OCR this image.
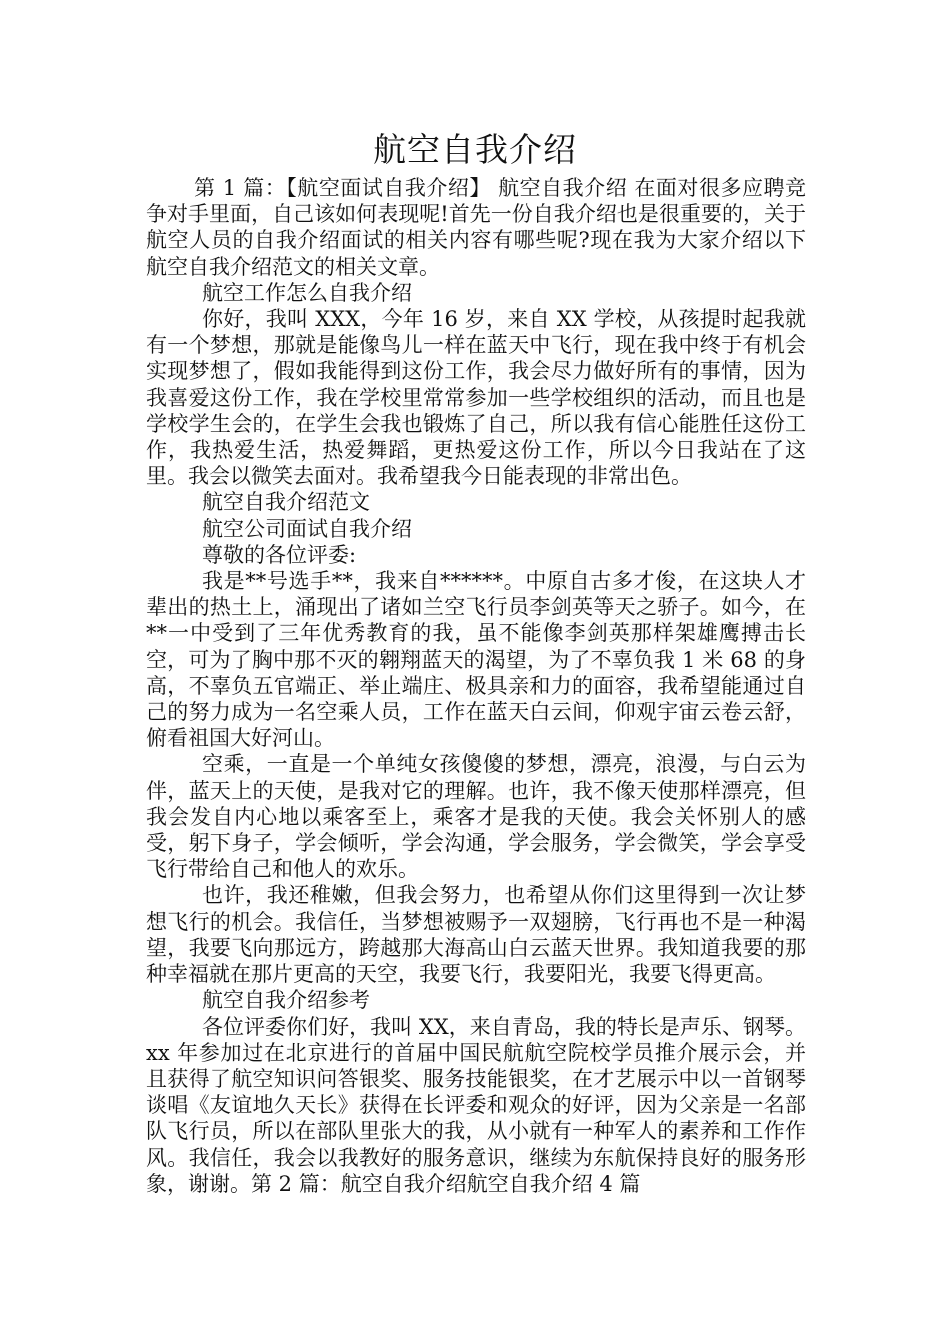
航空自我介绍

第 1 篇：【航空面试自我介绍】 航空自我介绍 在面对很多应聘竞争对手里面，自己该如何表现呢!首先一份自我介绍也是很重要的，关于航空人员的自我介绍面试的相关内容有哪些呢?现在我为大家介绍以下航空自我介绍范文的相关文章。

航空工作怎么自我介绍

你好，我叫 XXX，今年 16 岁，来自 XX 学校，从孩提时起我就有一个梦想，那就是能像鸟儿一样在蓝天中飞行，现在我中终于有机会实现梦想了，假如我能得到这份工作，我会尽力做好所有的事情，因为我喜爱这份工作，我在学校里常常参加一些学校组织的活动，而且也是学校学生会的，在学生会我也锻炼了自己，所以我有信心能胜任这份工作，我热爱生活，热爱舞蹈，更热爱这份工作，所以今日我站在了这里。我会以微笑去面对。我希望我今日能表现的非常出色。

航空自我介绍范文

航空公司面试自我介绍

尊敬的各位评委:

我是**号选手**，我来自******。中原自古多才俊，在这块人才辈出的热土上，涌现出了诸如兰空飞行员李剑英等天之骄子。如今，在**一中受到了三年优秀教育的我，虽不能像李剑英那样架雄鹰搏击长空，可为了胸中那不灭的翱翔蓝天的渴望，为了不辜负我 1 米 68 的身高，不辜负五官端正、举止端庄、极具亲和力的面容，我希望能通过自己的努力成为一名空乘人员，工作在蓝天白云间，仰观宇宙云卷云舒，俯看祖国大好河山。

空乘，一直是一个单纯女孩傻傻的梦想，漂亮，浪漫，与白云为伴，蓝天上的天使，是我对它的理解。也许，我不像天使那样漂亮，但我会发自内心地以乘客至上，乘客才是我的天使。我会关怀别人的感受，躬下身子，学会倾听，学会沟通，学会服务，学会微笑，学会享受飞行带给自己和他人的欢乐。

也许，我还稚嫩，但我会努力，也希望从你们这里得到一次让梦想飞行的机会。我信任，当梦想被赐予一双翅膀，飞行再也不是一种渴望，我要飞向那远方，跨越那大海高山白云蓝天世界。我知道我要的那种幸福就在那片更高的天空，我要飞行，我要阳光，我要飞得更高。

航空自我介绍参考

各位评委你们好，我叫 XX，来自青岛，我的特长是声乐、钢琴。xx 年参加过在北京进行的首届中国民航航空院校学员推介展示会，并且获得了航空知识问答银奖、服务技能银奖，在才艺展示中以一首钢琴谈唱《友谊地久天长》获得在长评委和观众的好评，因为父亲是一名部队飞行员，所以在部队里张大的我，从小就有一种军人的素养和工作作风。我信任，我会以我教好的服务意识，继续为东航保持良好的服务形象，谢谢。第 2 篇：航空自我介绍航空自我介绍 4 篇
